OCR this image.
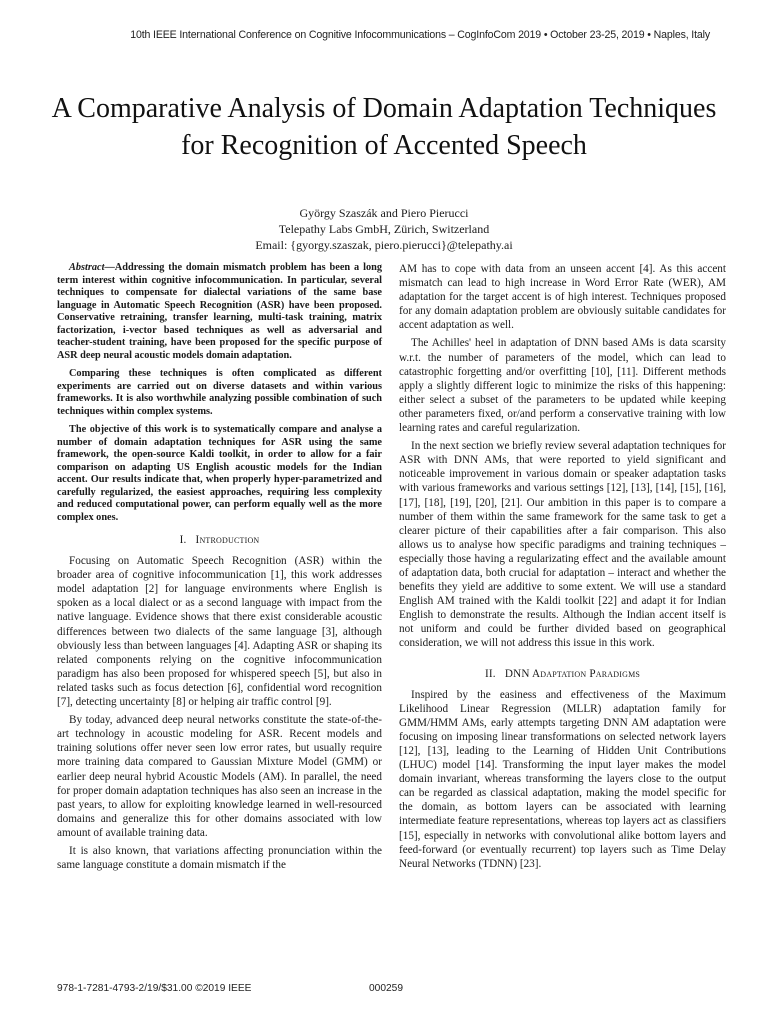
10th IEEE International Conference on Cognitive Infocommunications – CogInfoCom 2019 • October 23-25, 2019 • Naples, Italy
A Comparative Analysis of Domain Adaptation Techniques for Recognition of Accented Speech
György Szaszák and Piero Pierucci
Telepathy Labs GmbH, Zürich, Switzerland
Email: {gyorgy.szaszak, piero.pierucci}@telepathy.ai

Abstract—Addressing the domain mismatch problem has been a long term interest within cognitive infocommunication. In particular, several techniques to compensate for dialectal variations of the same base language in Automatic Speech Recognition (ASR) have been proposed. Conservative retraining, transfer learning, multi-task training, matrix factorization, i-vector based techniques as well as adversarial and teacher-student training, have been proposed for the specific purpose of ASR deep neural acoustic models domain adaptation.

Comparing these techniques is often complicated as different experiments are carried out on diverse datasets and within various frameworks. It is also worthwhile analyzing possible combination of such techniques within complex systems.

The objective of this work is to systematically compare and analyse a number of domain adaptation techniques for ASR using the same framework, the open-source Kaldi toolkit, in order to allow for a fair comparison on adapting US English acoustic models for the Indian accent. Our results indicate that, when properly hyper-parametrized and carefully regularized, the easiest approaches, requiring less complexity and reduced computational power, can perform equally well as the more complex ones.

I. Introduction

Focusing on Automatic Speech Recognition (ASR) within the broader area of cognitive infocommunication [1], this work addresses model adaptation [2] for language environments where English is spoken as a local dialect or as a second language with impact from the native language. Evidence shows that there exist considerable acoustic differences between two dialects of the same language [3], although obviously less than between languages [4]. Adapting ASR or shaping its related components relying on the cognitive infocommunication paradigm has also been proposed for whispered speech [5], but also in related tasks such as focus detection [6], confidential word recognition [7], detecting uncertainty [8] or helping air traffic control [9].

By today, advanced deep neural networks constitute the state-of-the-art technology in acoustic modeling for ASR. Recent models and training solutions offer never seen low error rates, but usually require more training data compared to Gaussian Mixture Model (GMM) or earlier deep neural hybrid Acoustic Models (AM). In parallel, the need for proper domain adaptation techniques has also seen an increase in the past years, to allow for exploiting knowledge learned in well-resourced domains and generalize this for other domains associated with low amount of available training data.

It is also known, that variations affecting pronunciation within the same language constitute a domain mismatch if the

AM has to cope with data from an unseen accent [4]. As this accent mismatch can lead to high increase in Word Error Rate (WER), AM adaptation for the target accent is of high interest. Techniques proposed for any domain adaptation problem are obviously suitable candidates for accent adaptation as well.

The Achilles' heel in adaptation of DNN based AMs is data scarsity w.r.t. the number of parameters of the model, which can lead to catastrophic forgetting and/or overfitting [10], [11]. Different methods apply a slightly different logic to minimize the risks of this happening: either select a subset of the parameters to be updated while keeping other parameters fixed, or/and perform a conservative training with low learning rates and careful regularization.

In the next section we briefly review several adaptation techniques for ASR with DNN AMs, that were reported to yield significant and noticeable improvement in various domain or speaker adaptation tasks with various frameworks and various settings [12], [13], [14], [15], [16], [17], [18], [19], [20], [21]. Our ambition in this paper is to compare a number of them within the same framework for the same task to get a clearer picture of their capabilities after a fair comparison. This also allows us to analyse how specific paradigms and training techniques – especially those having a regularizating effect and the available amount of adaptation data, both crucial for adaptation – interact and whether the benefits they yield are additive to some extent. We will use a standard English AM trained with the Kaldi toolkit [22] and adapt it for Indian English to demonstrate the results. Although the Indian accent itself is not uniform and could be further divided based on geographical consideration, we will not address this issue in this work.

II. DNN Adaptation Paradigms

Inspired by the easiness and effectiveness of the Maximum Likelihood Linear Regression (MLLR) adaptation family for GMM/HMM AMs, early attempts targeting DNN AM adaptation were focusing on imposing linear transformations on selected network layers [12], [13], leading to the Learning of Hidden Unit Contributions (LHUC) model [14]. Transforming the input layer makes the model domain invariant, whereas transforming the layers close to the output can be regarded as classical adaptation, making the model specific for the domain, as bottom layers can be associated with learning intermediate feature representations, whereas top layers act as classifiers [15], especially in networks with convolutional alike bottom layers and feed-forward (or eventually recurrent) top layers such as Time Delay Neural Networks (TDNN) [23].

978-1-7281-4793-2/19/$31.00 ©2019 IEEE	000259
